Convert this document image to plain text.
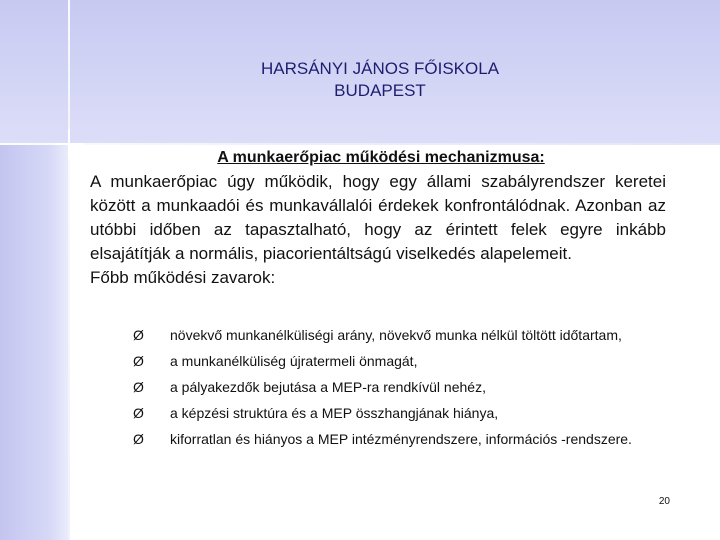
HARSÁNYI JÁNOS FŐISKOLA
BUDAPEST
A munkaerőpiac működési mechanizmusa:

A munkaerőpiac úgy működik, hogy egy állami szabályrendszer keretei között a munkaadói és munkavállalói érdekek konfrontálódnak. Azonban az utóbbi időben az tapasztalható, hogy az érintett felek egyre inkább elsajátítják a normális, piacorientáltságú viselkedés alapelemeit.

Főbb működési zavarok:

Ø növekvő munkanélküliségi arány, növekvő munka nélkül töltött időtartam,
Ø a munkanélküliség újratermeli önmagát,
Ø a pályakezdők bejutása a MEP-ra rendkívül nehéz,
Ø a képzési struktúra és a MEP összhangjának hiánya,
Ø kiforratlan és hiányos a MEP intézményrendszere, információs -rendszere.
20
